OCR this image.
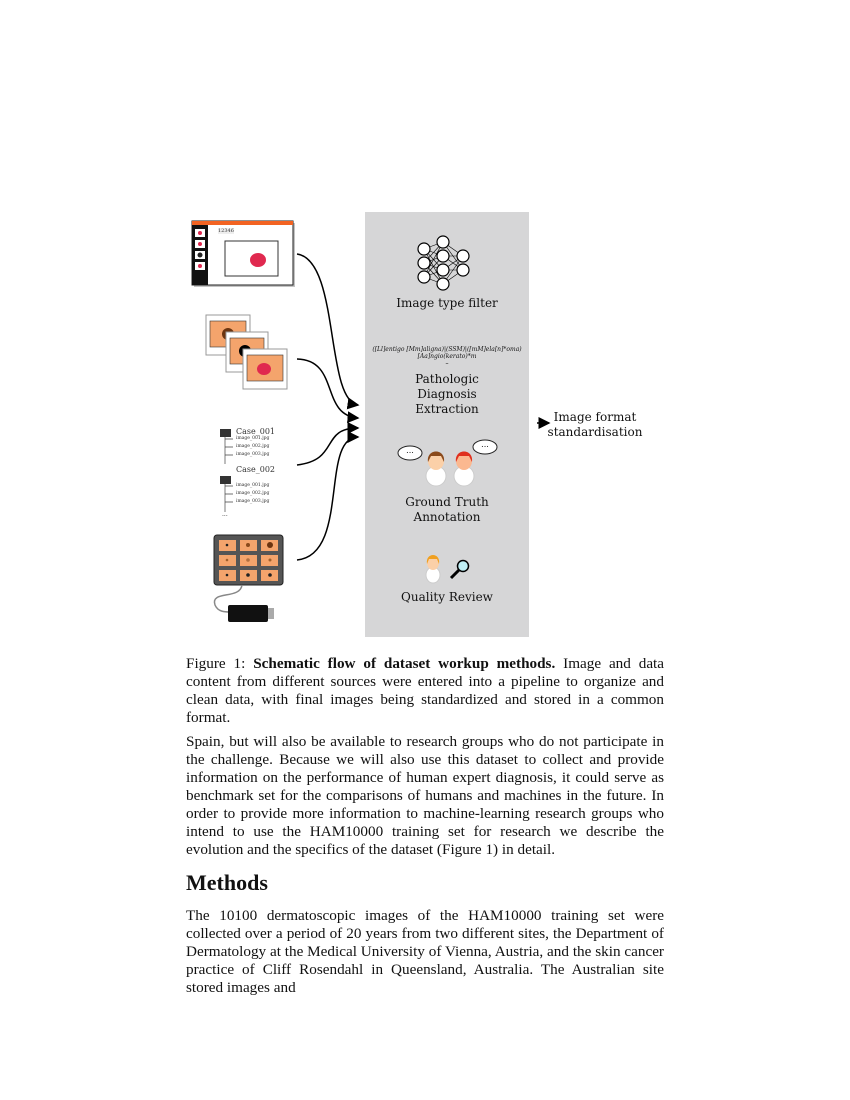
12346
Image type filter
([Ll]entigo [Mm]aligna)|(SSM)|([mM]ela[n]*oma)
[Aa]ngio(kerato)*m
–
Pathologic
Diagnosis
Extraction
Ground Truth
Annotation
Quality Review
Image format
standardisation
...
...
Case_001
image_001.jpg
image_002.jpg
image_003.jpg
Case_002
image_001.jpg
image_002.jpg
image_003.jpg
...

Figure 1: Schematic flow of dataset workup methods. Image and data content from different sources were entered into a pipeline to organize and clean data, with final images being standardized and stored in a common format.

Spain, but will also be available to research groups who do not participate in the challenge. Because we will also use this dataset to collect and provide information on the performance of human expert diagnosis, it could serve as benchmark set for the comparisons of humans and machines in the future. In order to provide more information to machine-learning research groups who intend to use the HAM10000 training set for research we describe the evolution and the specifics of the dataset (Figure 1) in detail.

Methods

The 10100 dermatoscopic images of the HAM10000 training set were collected over a period of 20 years from two different sites, the Department of Dermatology at the Medical University of Vienna, Austria, and the skin cancer practice of Cliff Rosendahl in Queensland, Australia. The Australian site stored images and
